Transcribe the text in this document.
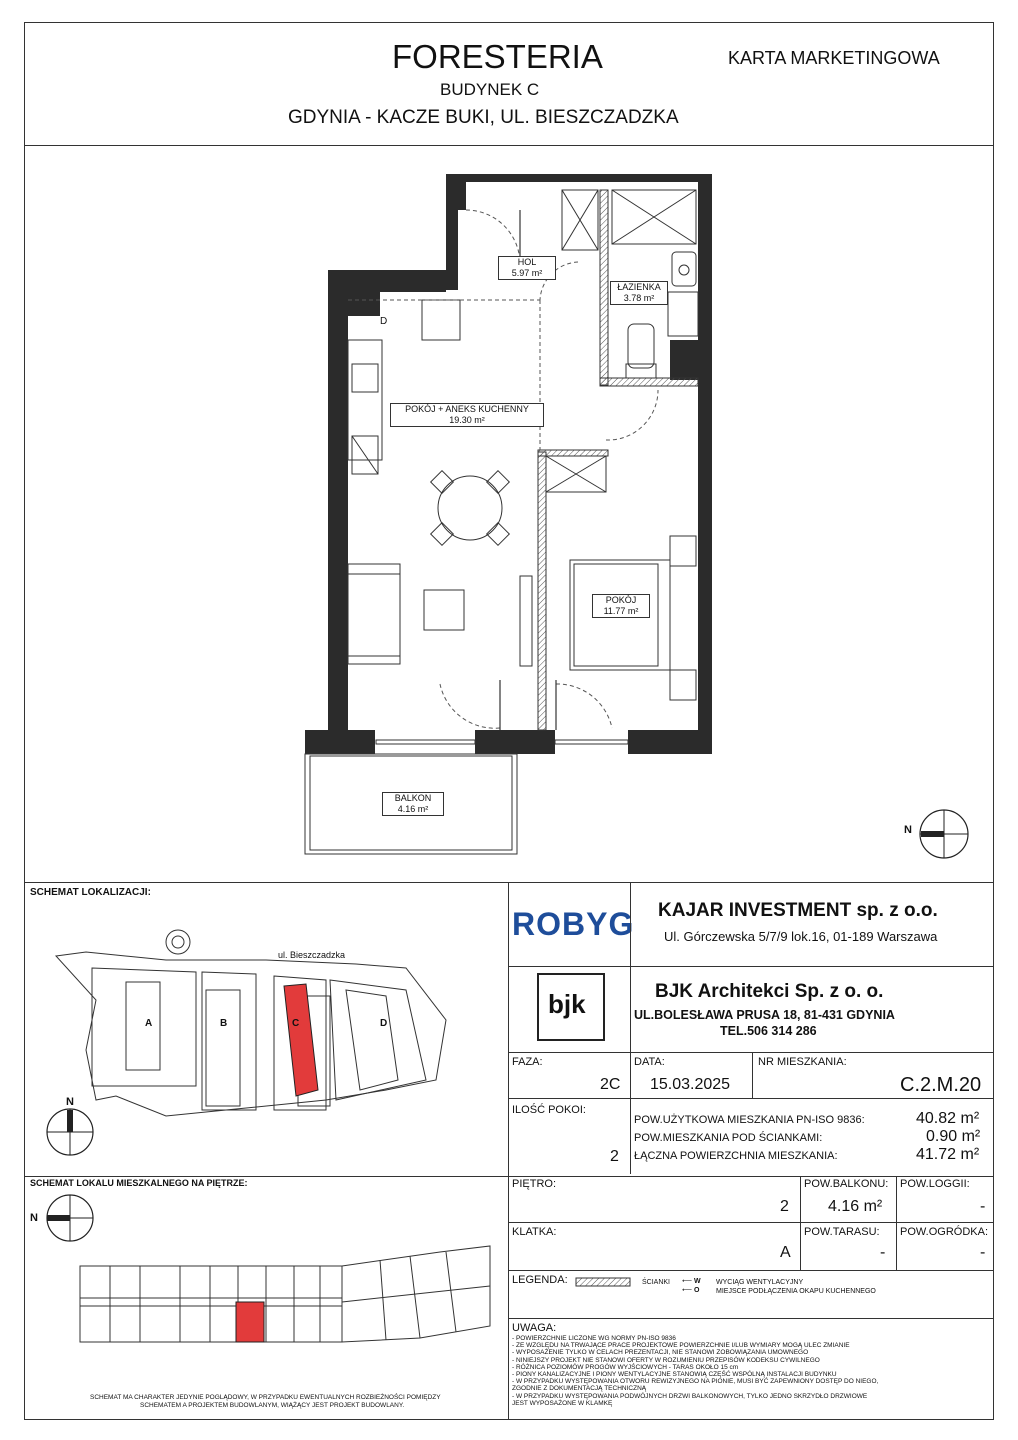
FORESTERIA
BUDYNEK C
GDYNIA - KACZE BUKI, UL. BIESZCZADZKA
KARTA MARKETINGOWA
D
HOL
5.97 m²
ŁAZIENKA
3.78 m²
POKÓJ + ANEKS KUCHENNY
19.30 m²
POKÓJ
11.77 m²
BALKON
4.16 m²
N
SCHEMAT LOKALIZACJI:
ul. Bieszczadzka
A	B	C	D
N
SCHEMAT LOKALU MIESZKALNEGO NA PIĘTRZE:
N
SCHEMAT MA CHARAKTER JEDYNIE POGLĄDOWY, W PRZYPADKU EWENTUALNYCH ROZBIEŻNOŚCI POMIĘDZY
SCHEMATEM A PROJEKTEM BUDOWLANYM, WIĄŻĄCY JEST PROJEKT BUDOWLANY.
ROBYG KAJAR INVESTMENT sp. z o.o.
Ul. Górczewska 5/7/9 lok.16, 01-189 Warszawa
bjk	BJK Architekci Sp. z o. o.
UL.BOLESŁAWA PRUSA 18, 81-431 GDYNIA
TEL.506 314 286
FAZA:
2C
DATA:
15.03.2025
NR MIESZKANIA:
C.2.M.20
ILOŚĆ POKOI:
2
POW.UŻYTKOWA MIESZKANIA PN-ISO 9836:	40.82 m²
POW.MIESZKANIA POD ŚCIANKAMI:	0.90 m²
ŁĄCZNA POWIERZCHNIA MIESZKANIA:	41.72 m²
PIĘTRO:
2
POW.BALKONU:
4.16 m²
POW.LOGGII:
-
KLATKA:
A
POW.TARASU:
-
POW.OGRÓDKA:
-
LEGENDA:	ŚCIANKI ⟵ W WYCIĄG WENTYLACYJNY
⟵ O MIEJSCE PODŁĄCZENIA OKAPU KUCHENNEGO
UWAGA:
- POWIERZCHNIE LICZONE WG NORMY PN-ISO 9836
- ZE WZGLĘDU NA TRWAJĄCE PRACE PROJEKTOWE POWIERZCHNIE I/LUB WYMIARY MOGĄ ULEC ZMIANIE
- WYPOSAŻENIE TYLKO W CELACH PREZENTACJI, NIE STANOWI ZOBOWIĄZANIA UMOWNEGO
- NINIEJSZY PROJEKT NIE STANOWI OFERTY W ROZUMIENIU PRZEPISÓW KODEKSU CYWILNEGO
- RÓŻNICA POZIOMÓW PROGÓW WYJŚCIOWYCH - TARAS OKOŁO 15 cm
- PIONY KANALIZACYJNE I PIONY WENTYLACYJNE STANOWIĄ CZĘŚĆ WSPÓLNĄ INSTALACJI BUDYNKU
- W PRZYPADKU WYSTĘPOWANIA OTWORU REWIZYJNEGO NA PIONIE, MUSI BYĆ ZAPEWNIONY DOSTĘP DO NIEGO,
ZGODNIE Z DOKUMENTACJĄ TECHNICZNĄ
- W PRZYPADKU WYSTĘPOWANIA PODWÓJNYCH DRZWI BALKONOWYCH, TYLKO JEDNO SKRZYDŁO DRZWIOWE
JEST WYPOSAŻONE W KLAMKĘ
